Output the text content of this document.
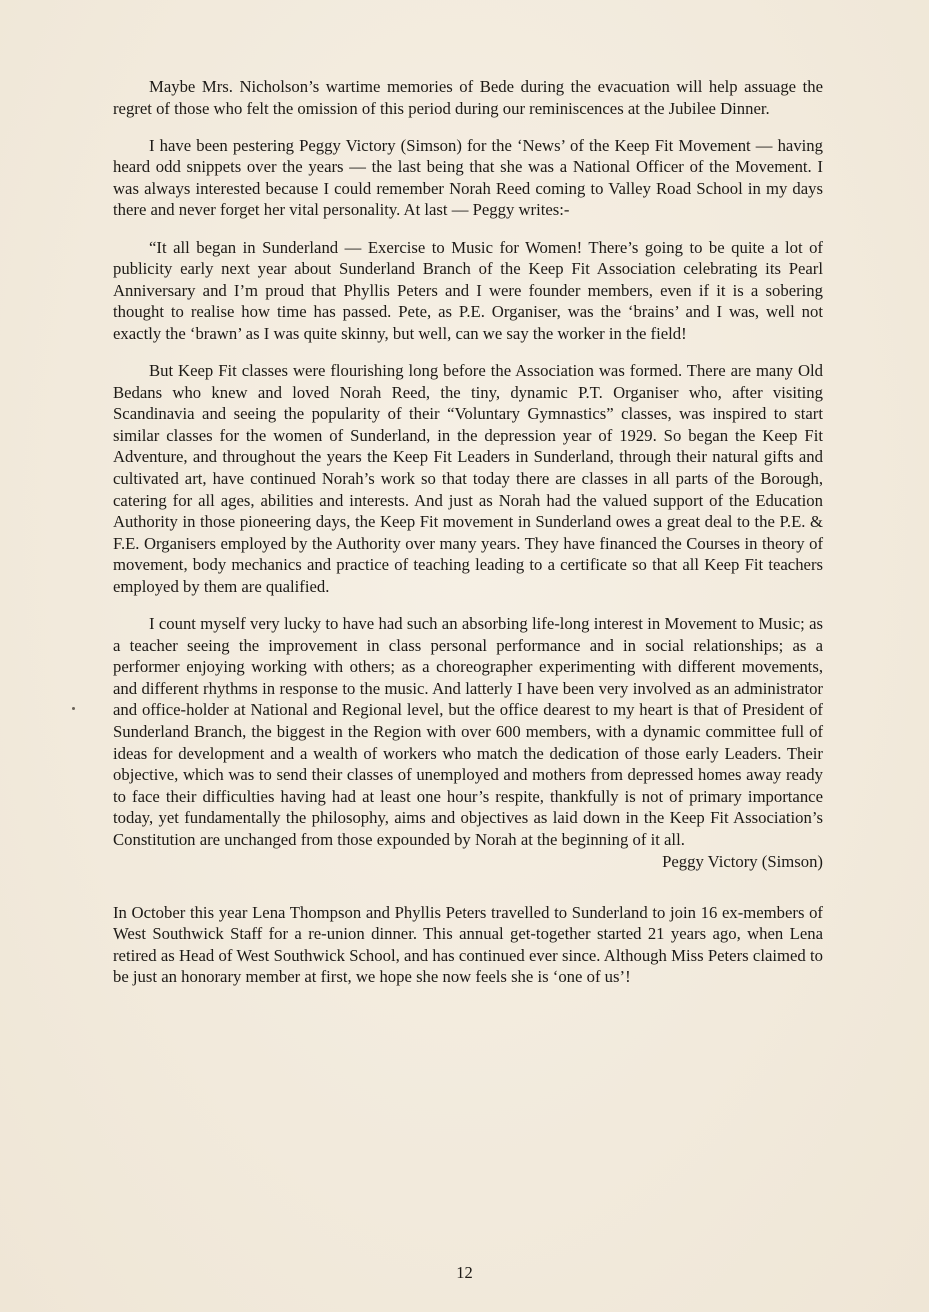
Maybe Mrs. Nicholson’s wartime memories of Bede during the evacuation will help assuage the regret of those who felt the omission of this period during our reminiscences at the Jubilee Dinner.

I have been pestering Peggy Victory (Simson) for the ‘News’ of the Keep Fit Movement — having heard odd snippets over the years — the last being that she was a National Officer of the Movement. I was always interested because I could remember Norah Reed coming to Valley Road School in my days there and never forget her vital personality. At last — Peggy writes:-

“It all began in Sunderland — Exercise to Music for Women! There’s going to be quite a lot of publicity early next year about Sunderland Branch of the Keep Fit Association celebrating its Pearl Anniversary and I’m proud that Phyllis Peters and I were founder members, even if it is a sobering thought to realise how time has passed. Pete, as P.E. Organiser, was the ‘brains’ and I was, well not exactly the ‘brawn’ as I was quite skinny, but well, can we say the worker in the field!

But Keep Fit classes were flourishing long before the Association was formed. There are many Old Bedans who knew and loved Norah Reed, the tiny, dynamic P.T. Organiser who, after visiting Scandinavia and seeing the popularity of their “Voluntary Gymnastics” classes, was inspired to start similar classes for the women of Sunderland, in the depression year of 1929. So began the Keep Fit Adventure, and throughout the years the Keep Fit Leaders in Sunderland, through their natural gifts and cultivated art, have continued Norah’s work so that today there are classes in all parts of the Borough, catering for all ages, abilities and interests. And just as Norah had the valued support of the Education Authority in those pioneering days, the Keep Fit movement in Sunderland owes a great deal to the P.E. & F.E. Organisers employed by the Authority over many years. They have financed the Courses in theory of movement, body mechanics and practice of teaching leading to a certificate so that all Keep Fit teachers employed by them are qualified.

I count myself very lucky to have had such an absorbing life-long interest in Movement to Music; as a teacher seeing the improvement in class personal performance and in social relationships; as a performer enjoying working with others; as a choreographer experimenting with different movements, and different rhythms in response to the music. And latterly I have been very involved as an administrator and office-holder at National and Regional level, but the office dearest to my heart is that of President of Sunderland Branch, the biggest in the Region with over 600 members, with a dynamic committee full of ideas for development and a wealth of workers who match the dedication of those early Leaders. Their objective, which was to send their classes of unemployed and mothers from depressed homes away ready to face their difficulties having had at least one hour’s respite, thankfully is not of primary importance today, yet fundamentally the philosophy, aims and objectives as laid down in the Keep Fit Association’s Constitution are unchanged from those expounded by Norah at the beginning of it all.

Peggy Victory (Simson)

In October this year Lena Thompson and Phyllis Peters travelled to Sunderland to join 16 ex-members of West Southwick Staff for a re-union dinner. This annual get-together started 21 years ago, when Lena retired as Head of West Southwick School, and has continued ever since. Although Miss Peters claimed to be just an honorary member at first, we hope she now feels she is ‘one of us’!

12
